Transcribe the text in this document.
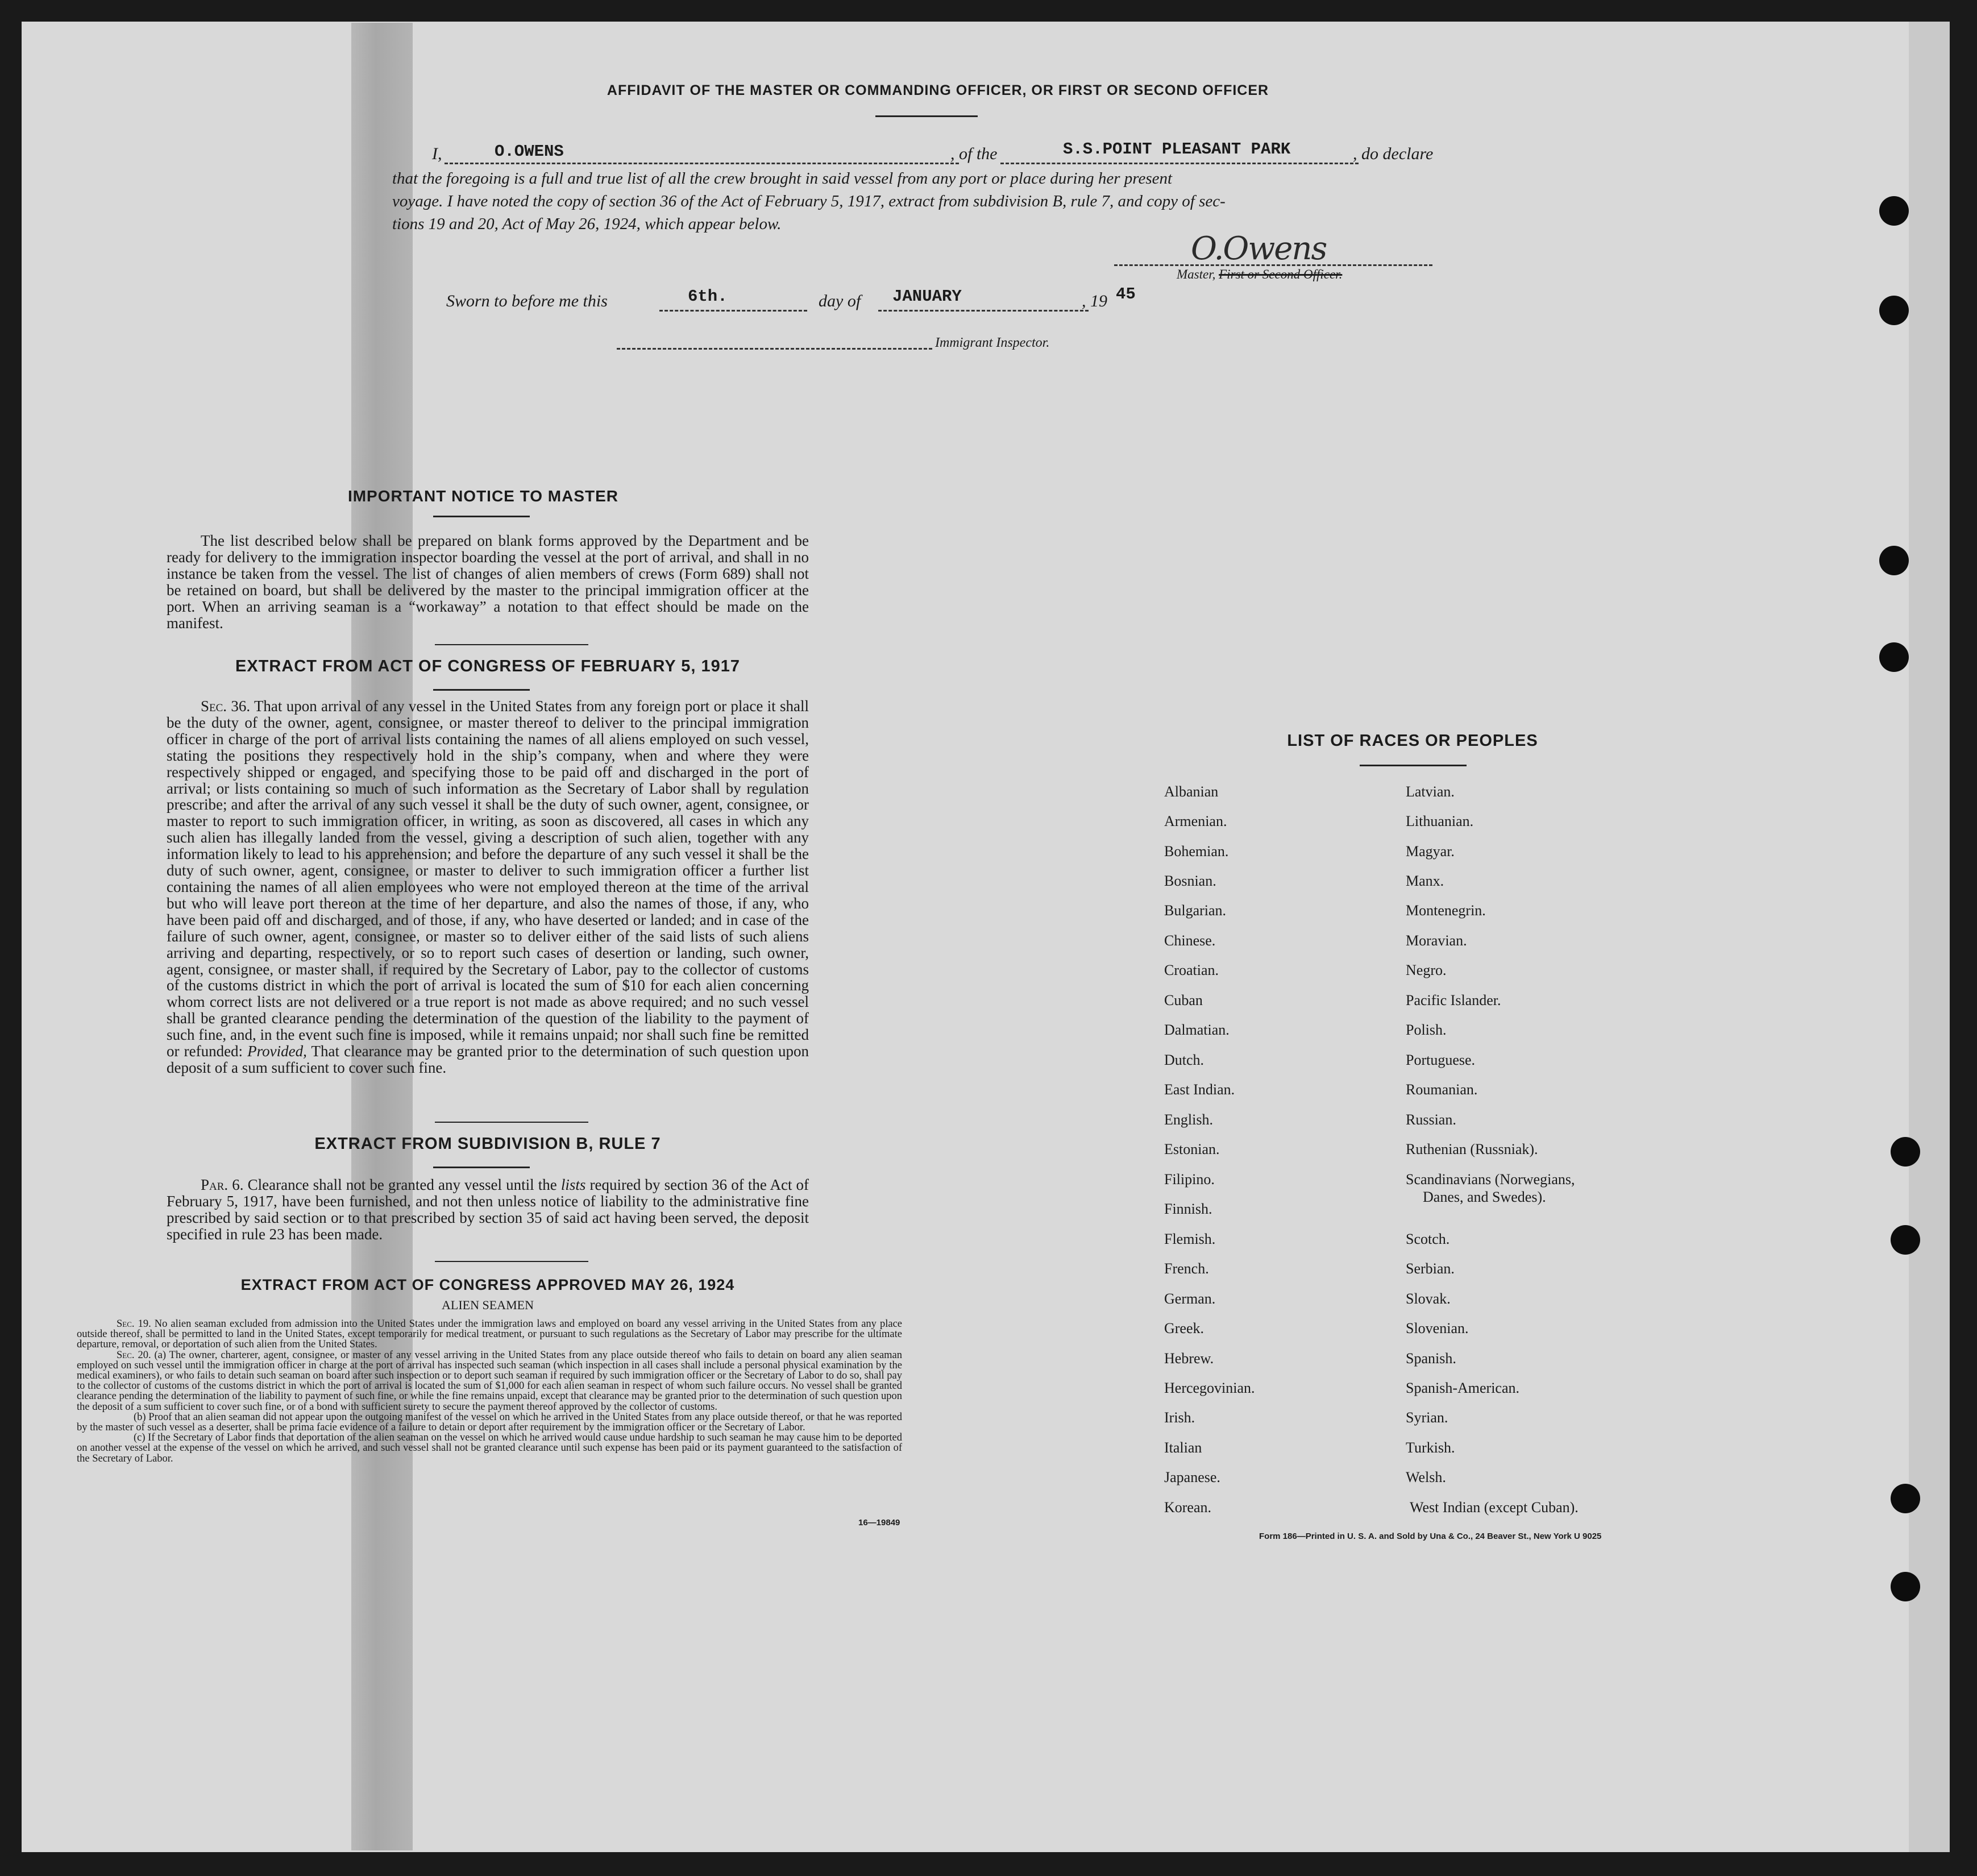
AFFIDAVIT OF THE MASTER OR COMMANDING OFFICER, OR FIRST OR SECOND OFFICER
I,	O.OWENS	, of the	S.S.POINT PLEASANT PARK	, do declare
that the foregoing is a full and true list of all the crew brought in said vessel from any port or place during her present
voyage. I have noted the copy of section 36 of the Act of February 5, 1917, extract from subdivision B, rule 7, and copy of sec-
tions 19 and 20, Act of May 26, 1924, which appear below.
O.Owens
Master, First or Second Officer.
Sworn to before me this	6th.	day of JANUARY	, 19 45
Immigrant Inspector.
IMPORTANT NOTICE TO MASTER
The list described below shall be prepared on blank forms approved by the Department and be ready for delivery to the immigration inspector boarding the vessel at the port of arrival, and shall in no instance be taken from the vessel. The list of changes of alien members of crews (Form 689) shall not be retained on board, but shall be delivered by the master to the principal immigration officer at the port. When an arriving seaman is a “workaway” a notation to that effect should be made on the manifest.
EXTRACT FROM ACT OF CONGRESS OF FEBRUARY 5, 1917
Sec. 36. That upon arrival of any vessel in the United States from any foreign port or place it shall be the duty of the owner, agent, consignee, or master thereof to deliver to the principal immigration officer in charge of the port of arrival lists containing the names of all aliens employed on such vessel, stating the positions they respectively hold in the ship’s company, when and where they were respectively shipped or engaged, and specifying those to be paid off and discharged in the port of arrival; or lists containing so much of such information as the Secretary of Labor shall by regulation prescribe; and after the arrival of any such vessel it shall be the duty of such owner, agent, consignee, or master to report to such immigration officer, in writing, as soon as discovered, all cases in which any such alien has illegally landed from the vessel, giving a description of such alien, together with any information likely to lead to his apprehension; and before the departure of any such vessel it shall be the duty of such owner, agent, consignee, or master to deliver to such immigration officer a further list containing the names of all alien employees who were not employed thereon at the time of the arrival but who will leave port thereon at the time of her departure, and also the names of those, if any, who have been paid off and discharged, and of those, if any, who have deserted or landed; and in case of the failure of such owner, agent, consignee, or master so to deliver either of the said lists of such aliens arriving and departing, respectively, or so to report such cases of desertion or landing, such owner, agent, consignee, or master shall, if required by the Secretary of Labor, pay to the collector of customs of the customs district in which the port of arrival is located the sum of $10 for each alien concerning whom correct lists are not delivered or a true report is not made as above required; and no such vessel shall be granted clearance pending the determination of the question of the liability to the payment of such fine, and, in the event such fine is imposed, while it remains unpaid; nor shall such fine be remitted or refunded: Provided, That clearance may be granted prior to the determination of such question upon deposit of a sum sufficient to cover such fine.
EXTRACT FROM SUBDIVISION B, RULE 7
Par. 6. Clearance shall not be granted any vessel until the lists required by section 36 of the Act of February 5, 1917, have been furnished, and not then unless notice of liability to the administrative fine prescribed by said section or to that prescribed by section 35 of said act having been served, the deposit specified in rule 23 has been made.
EXTRACT FROM ACT OF CONGRESS APPROVED MAY 26, 1924
ALIEN SEAMEN
Sec. 19. No alien seaman excluded from admission into the United States under the immigration laws and employed on board any vessel arriving in the United States from any place outside thereof, shall be permitted to land in the United States, except temporarily for medical treatment, or pursuant to such regulations as the Secretary of Labor may prescribe for the ultimate departure, removal, or deportation of such alien from the United States.
Sec. 20. (a) The owner, charterer, agent, consignee, or master of any vessel arriving in the United States from any place outside thereof who fails to detain on board any alien seaman employed on such vessel until the immigration officer in charge at the port of arrival has inspected such seaman (which inspection in all cases shall include a personal physical examination by the medical examiners), or who fails to detain such seaman on board after such inspection or to deport such seaman if required by such immigration officer or the Secretary of Labor to do so, shall pay to the collector of customs of the customs district in which the port of arrival is located the sum of $1,000 for each alien seaman in respect of whom such failure occurs. No vessel shall be granted clearance pending the determination of the liability to payment of such fine, or while the fine remains unpaid, except that clearance may be granted prior to the determination of such question upon the deposit of a sum sufficient to cover such fine, or of a bond with sufficient surety to secure the payment thereof approved by the collector of customs.
(b) Proof that an alien seaman did not appear upon the outgoing manifest of the vessel on which he arrived in the United States from any place outside thereof, or that he was reported by the master of such vessel as a deserter, shall be prima facie evidence of a failure to detain or deport after requirement by the immigration officer or the Secretary of Labor.
(c) If the Secretary of Labor finds that deportation of the alien seaman on the vessel on which he arrived would cause undue hardship to such seaman he may cause him to be deported on another vessel at the expense of the vessel on which he arrived, and such vessel shall not be granted clearance until such expense has been paid or its payment guaranteed to the satisfaction of the Secretary of Labor.
16—19849
LIST OF RACES OR PEOPLES
Albanian
Armenian.
Bohemian.
Bosnian.
Bulgarian.
Chinese.
Croatian.
Cuban
Dalmatian.
Dutch.
East Indian.
English.
Estonian.
Filipino.
Finnish.
Flemish.
French.
German.
Greek.
Hebrew.
Hercegovinian.
Irish.
Italian
Japanese.
Korean.
Latvian.
Lithuanian.
Magyar.
Manx.
Montenegrin.
Moravian.
Negro.
Pacific Islander.
Polish.
Portuguese.
Roumanian.
Russian.
Ruthenian (Russniak).
Scandinavians (Norwegians,
Danes, and Swedes).
Scotch.
Serbian.
Slovak.
Slovenian.
Spanish.
Spanish-American.
Syrian.
Turkish.
Welsh.
West Indian (except Cuban).
Form 186—Printed in U. S. A. and Sold by Una & Co., 24 Beaver St., New York U 9025
